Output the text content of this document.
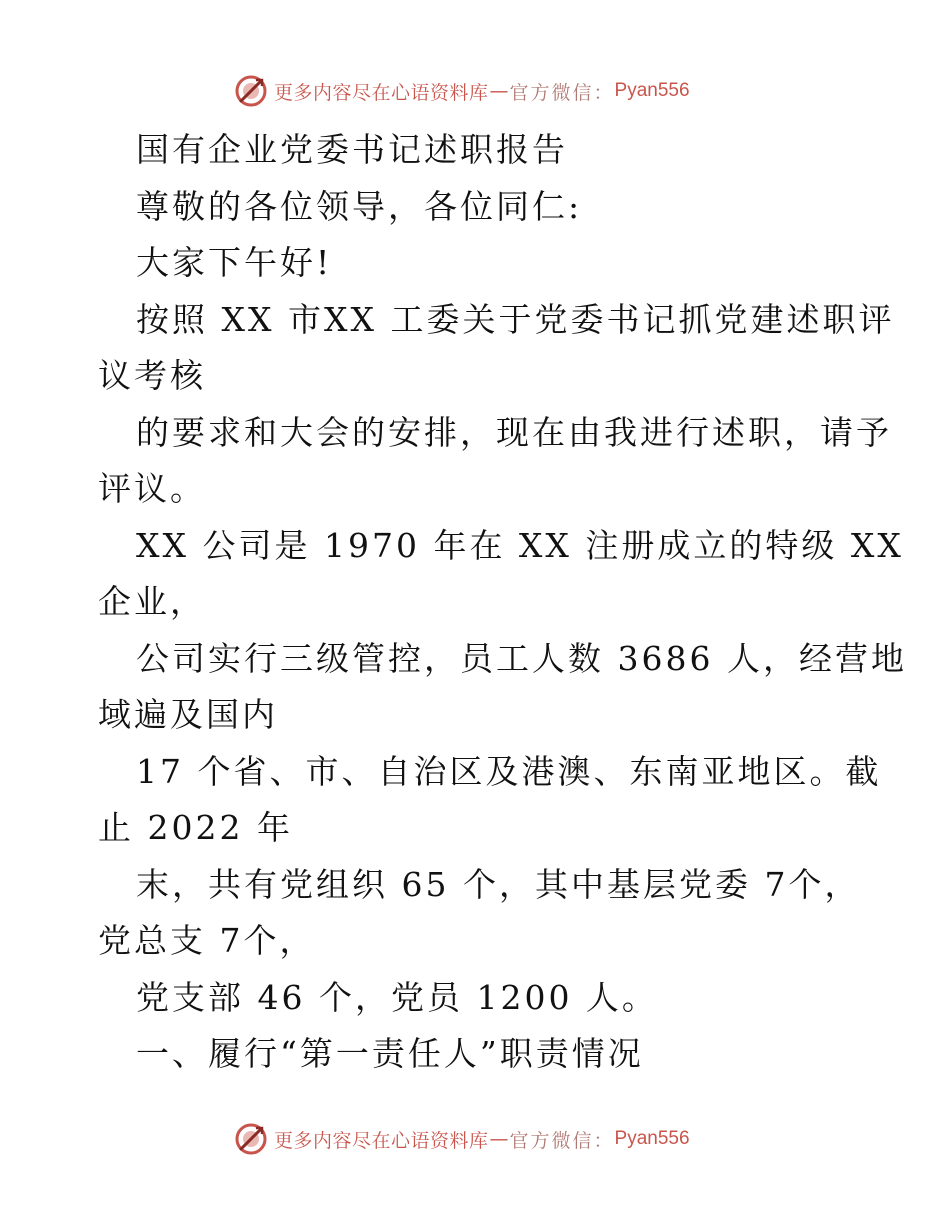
更多内容尽在心语资料库 — 官方微信： Pyan556
国有企业党委书记述职报告
尊敬的各位领导，各位同仁:
大家下午好!
按照 XX 市XX 工委关于党委书记抓党建述职评
议考核
的要求和大会的安排，现在由我进行述职，请予
评议。
XX 公司是 1970 年在 XX 注册成立的特级 XX
企业，
公司实行三级管控，员工人数 3686 人，经营地
域遍及国内
17 个省、市、自治区及港澳、东南亚地区。截
止 2022 年
末，共有党组织 65 个，其中基层党委 7个，
党总支 7个，
党支部 46 个，党员 1200 人。
一、履行“第一责任人”职责情况
更多内容尽在心语资料库 — 官方微信： Pyan556
